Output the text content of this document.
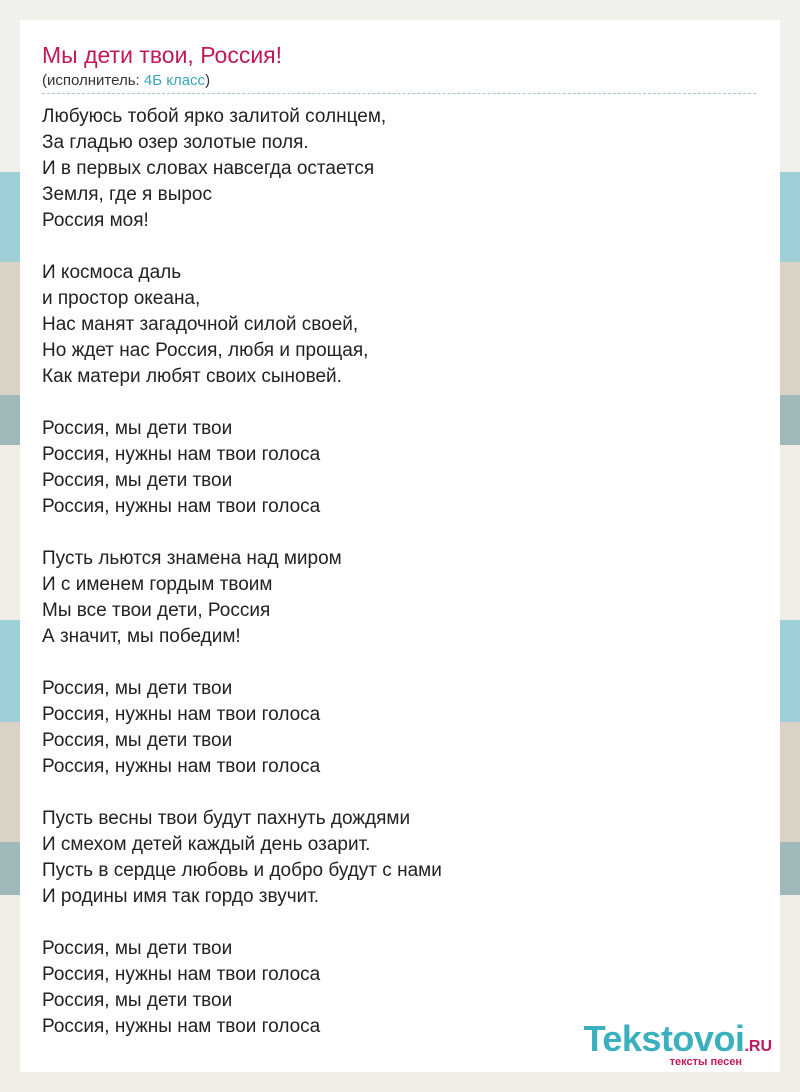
Мы дети твои, Россия!
(исполнитель: 4Б класс)
Любуюсь тобой ярко залитой солнцем,
За гладью озер золотые поля.
И в первых словах навсегда остается
Земля, где я вырос
Россия моя!
И космоса даль
и простор океана,
Нас манят загадочной силой своей,
Но ждет нас Россия, любя и прощая,
Как матери любят своих сыновей.
Россия, мы дети твои
Россия, нужны нам твои голоса
Россия, мы дети твои
Россия, нужны нам твои голоса
Пусть льются знамена над миром
И с именем гордым твоим
Мы все твои дети, Россия
А значит, мы победим!
Россия, мы дети твои
Россия, нужны нам твои голоса
Россия, мы дети твои
Россия, нужны нам твои голоса
Пусть весны твои будут пахнуть дождями
И смехом детей каждый день озарит.
Пусть в сердце любовь и добро будут с нами
И родины имя так гордо звучит.
Россия, мы дети твои
Россия, нужны нам твои голоса
Россия, мы дети твои
Россия, нужны нам твои голоса	Tekstovoi.RU
тексты песен
